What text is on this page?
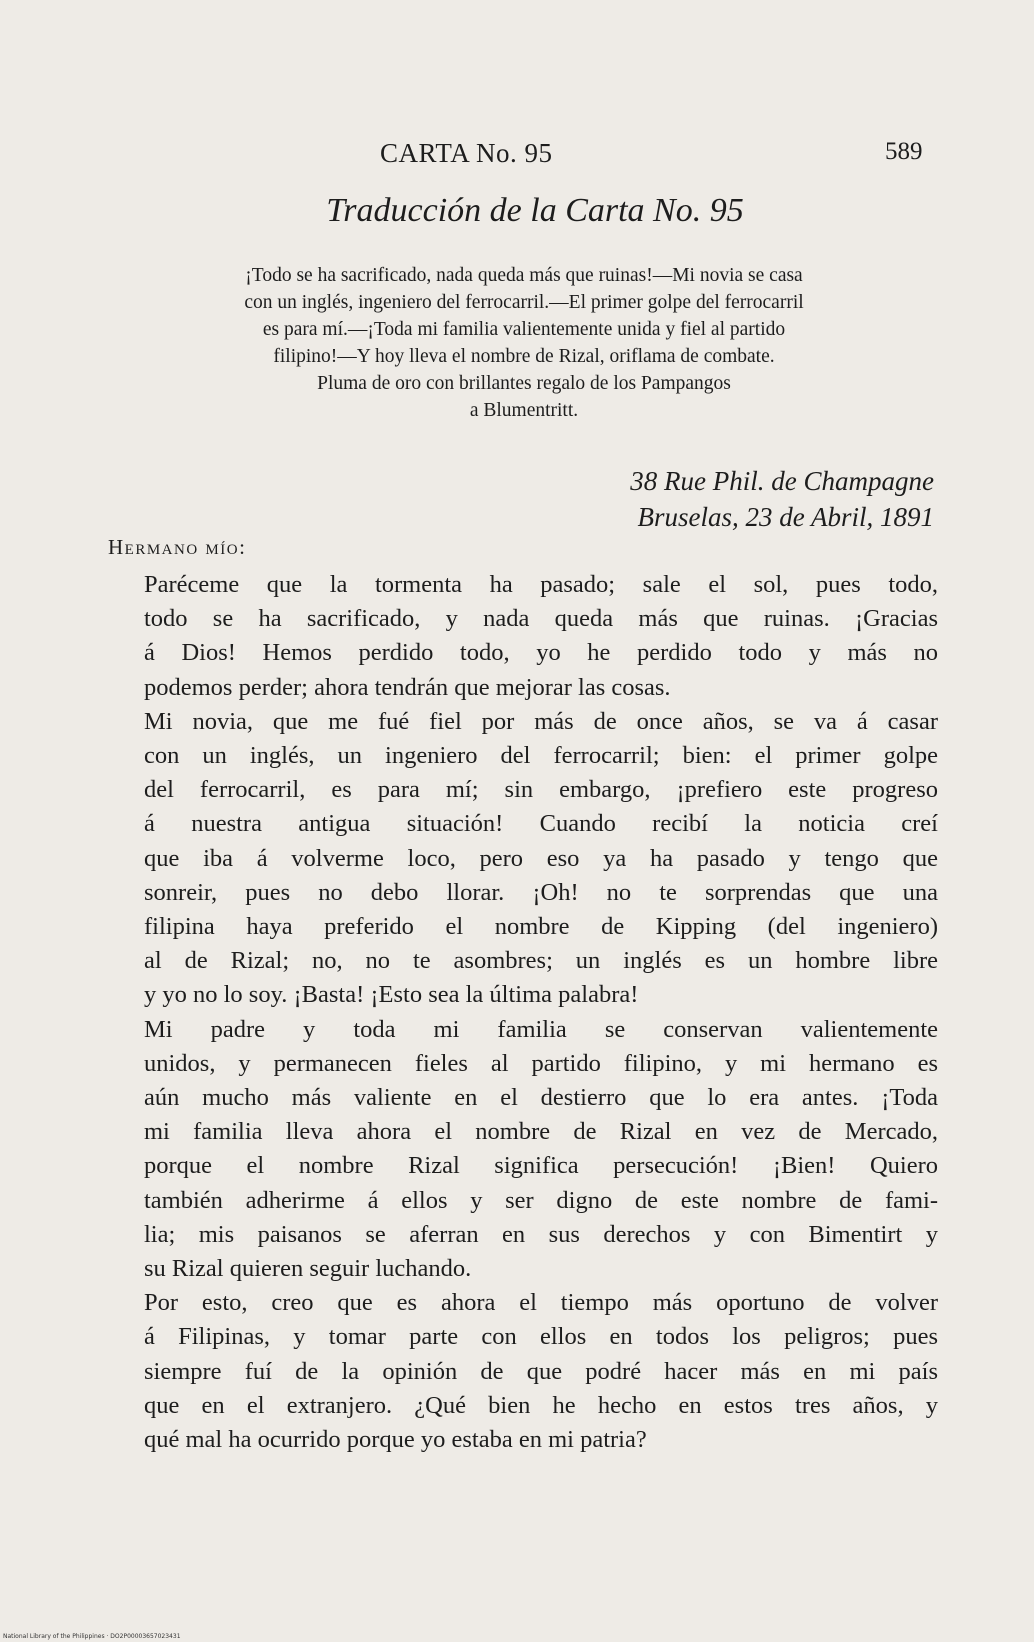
CARTA No. 95	589
Traducción de la Carta No. 95
¡Todo se ha sacrificado, nada queda más que ruinas!—Mi novia se casa
con un inglés, ingeniero del ferrocarril.—El primer golpe del ferrocarril
es para mí.—¡Toda mi familia valientemente unida y fiel al partido
filipino!—Y hoy lleva el nombre de Rizal, oriflama de combate.
Pluma de oro con brillantes regalo de los Pampangos
a Blumentritt.
38 Rue Phil. de Champagne
Bruselas, 23 de Abril, 1891
Hermano mío:

Paréceme que la tormenta ha pasado; sale el sol, pues todo,
todo se ha sacrificado, y nada queda más que ruinas. ¡Gracias
á Dios! Hemos perdido todo, yo he perdido todo y más no
podemos perder; ahora tendrán que mejorar las cosas.

Mi novia, que me fué fiel por más de once años, se va á casar
con un inglés, un ingeniero del ferrocarril; bien: el primer golpe
del ferrocarril, es para mí; sin embargo, ¡prefiero este progreso
á nuestra antigua situación! Cuando recibí la noticia creí
que iba á volverme loco, pero eso ya ha pasado y tengo que
sonreir, pues no debo llorar. ¡Oh! no te sorprendas que una
filipina haya preferido el nombre de Kipping (del ingeniero)
al de Rizal; no, no te asombres; un inglés es un hombre libre
y yo no lo soy. ¡Basta! ¡Esto sea la última palabra!

Mi padre y toda mi familia se conservan valientemente
unidos, y permanecen fieles al partido filipino, y mi hermano es
aún mucho más valiente en el destierro que lo era antes. ¡Toda
mi familia lleva ahora el nombre de Rizal en vez de Mercado,
porque el nombre Rizal significa persecución! ¡Bien! Quiero
también adherirme á ellos y ser digno de este nombre de fami-
lia; mis paisanos se aferran en sus derechos y con Bimentirt y
su Rizal quieren seguir luchando.

Por esto, creo que es ahora el tiempo más oportuno de volver
á Filipinas, y tomar parte con ellos en todos los peligros; pues
siempre fuí de la opinión de que podré hacer más en mi país
que en el extranjero. ¿Qué bien he hecho en estos tres años, y
qué mal ha ocurrido porque yo estaba en mi patria?

National Library of the Philippines · DO2P00003657023431
